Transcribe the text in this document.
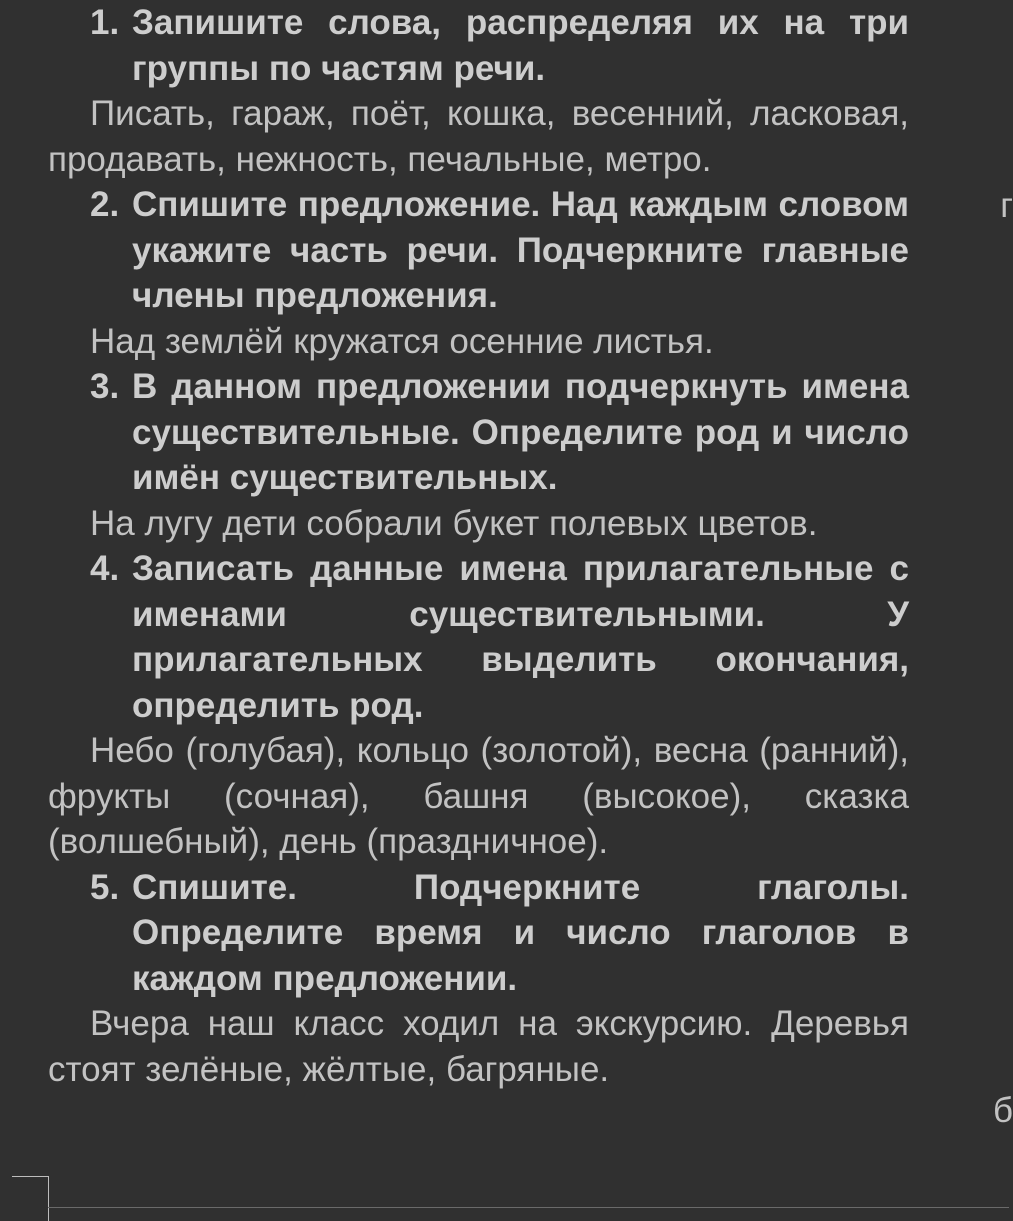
1. Запишите слова, распределяя их на три группы по частям речи.
Писать, гараж, поёт, кошка, весенний, ласковая, продавать, нежность, печальные, метро.
2. Спишите предложение. Над каждым словом укажите часть речи. Подчеркните главные члены предложения.
Над землёй кружатся осенние листья.
3. В данном предложении подчеркнуть имена существительные. Определите род и число имён существительных.
На лугу дети собрали букет полевых цветов.
4. Записать данные имена прилагательные с именами существительными. У прилагательных выделить окончания, определить род.
Небо (голубая), кольцо (золотой), весна (ранний), фрукты (сочная), башня (высокое), сказка (волшебный), день (праздничное).
5. Спишите. Подчеркните глаголы. Определите время и число глаголов в каждом предложении.
Вчера наш класс ходил на экскурсию. Деревья стоят зелёные, жёлтые, багряные.
г
б
